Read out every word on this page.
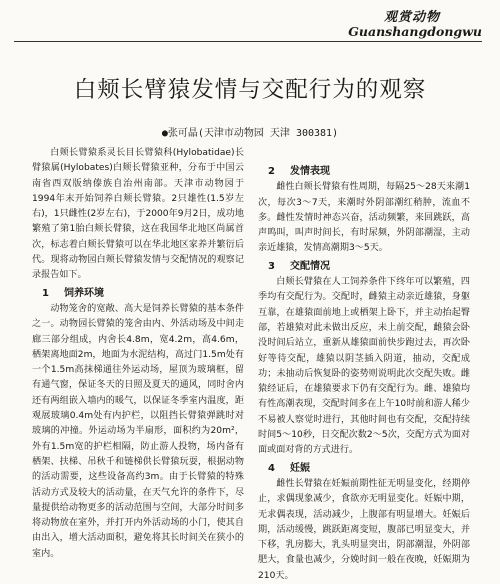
观赏动物
Guanshangdongwu
白颊长臂猿发情与交配行为的观察
●张可晶(天津市动物园 天津 300381)

白颊长臂猿系灵长目长臂猿科(Hylobatidae)长臂猿属(Hylobates)白颊长臂猿亚种，分布于中国云南省西双版纳傣族自治州南部。天津市动物园于1994年末开始饲养白颊长臂猿。2只雄性(1.5岁左右)，1只雌性(2岁左右)，于2000年9月2日，成功地繁殖了第1胎白颊长臂猿，这在我国华北地区尚属首次，标志着白颊长臂猿可以在华北地区家养并繁衍后代。现将动物园白颊长臂猿发情与交配情况的观察记录报告如下。

1 饲养环境

动物笼舍的宽敞、高大是饲养长臂猿的基本条件之一。动物园长臂猿的笼舍由内、外活动场及中间走廊三部分组成，内舍长4.8m，宽4.2m，高4.6m，栖架离地面2m，地面为水泥结构，高过门1.5m处有一个1.5m高抹梯通往外运动场，屋顶为玻璃框，留有通气窗，保证冬天的日照及夏天的通风，同时舍内还有两组嵌入墙内的暖气，以保证冬季室内温度，距观展玻璃0.4m处有内护栏，以阻挡长臂猿弹跳时对玻璃的冲撞。外运动场为半扇形，面积约为20m²，外有1.5m宽的护栏相隔，防止游人投物，场内备有栖架、扶梯、吊秋千和链梯供长臂猿玩耍，根据动物的活动需要，这些设备高约3m。由于长臂猿的特殊活动方式及较大的活动量，在天气允许的条件下，尽量提供给动物更多的活动范围与空间，大部分时间多将动物放在室外，并打开内外活动场的小门，使其自由出入，增大活动面积，避免将其长时间关在狭小的室内。

2 发情表现

雌性白颊长臂猿有性周期，每隔25～28天来潮1次，每次3～7天，来潮时外阴部潮红稍肿，流血不多。雌性发情时神态兴奋，活动频繁，来回跳跃，高声鸣叫，叫声时间长，有时尿频，外阴部潮湿，主动亲近雄猿，发情高潮期3～5天。

3 交配情况

白颊长臂猿在人工饲养条件下终年可以繁殖，四季均有交配行为。交配时，雌猿主动亲近雄猿，身躯互靠，在雄猿面前地上或栖架上卧下，并主动抬起臀部，若雄猿对此未做出反应，未上前交配，雌猿会卧没时间后站立，重新从雄猿面前快步跑过去，再次卧好等待交配，雄猿以阴茎插入阴道，抽动，交配成功；未抽动后恢复卧的姿势则说明此次交配失败。雌猿经证后，在雄猿要求下仍有交配行为。雌、雄猿均有性高潮表现，交配时间多在上午10时前和游人稀少不易被人察觉时进行，其他时间也有交配，交配持续时间5～10秒，日交配次数2～5次，交配方式为面对面或面对背的方式进行。

4 妊娠

雌性长臂猿在妊娠前期性征无明显变化，经期停止，求偶现象减少，食欲亦无明显变化。妊娠中期，无求偶表现，活动减少，上腹部有明显增大。妊娠后期，活动缓慢，跳跃距离变短，腹部已明显变大，并下移，乳房膨大，乳头明显突出，阴部潮湿，外阴部肥大，食量也减少，分娩时间一般在夜晚，妊娠期为210天。
